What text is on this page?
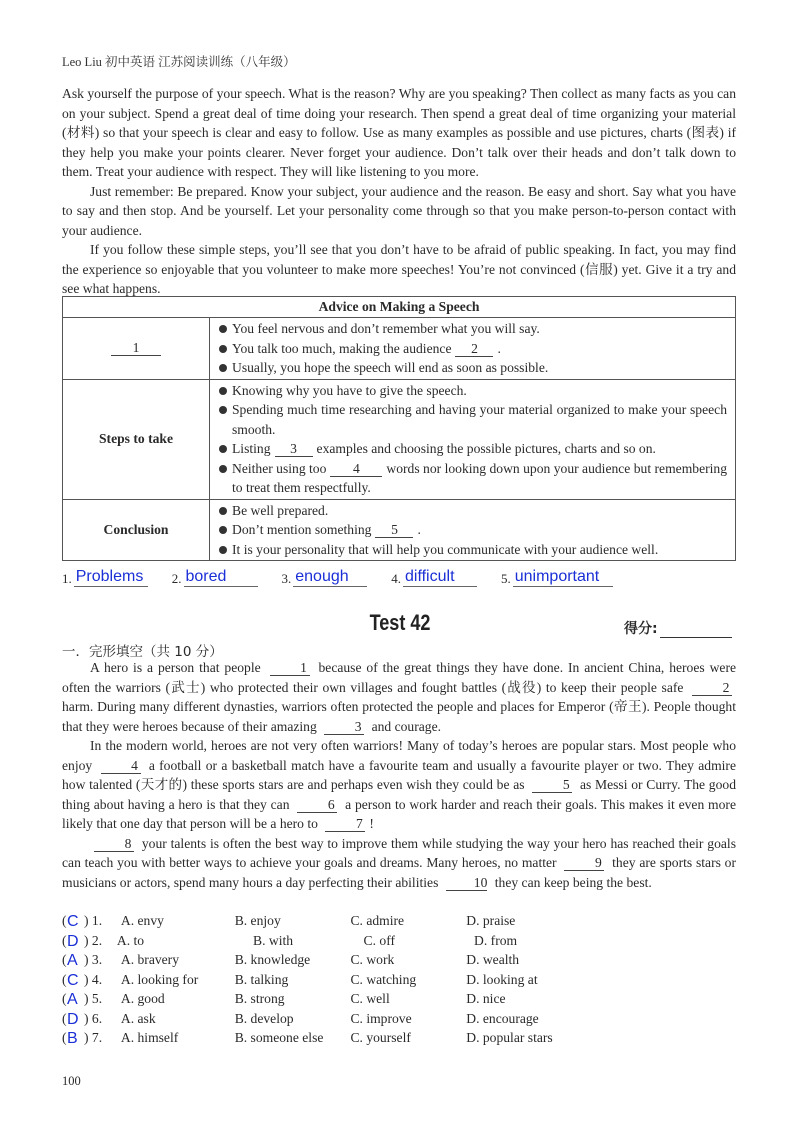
Leo Liu 初中英语 江苏阅读训练（八年级）

Ask yourself the purpose of your speech. What is the reason? Why are you speaking? Then collect as many facts as you can on your subject. Spend a great deal of time doing your research. Then spend a great deal of time organizing your material (材料) so that your speech is clear and easy to follow. Use as many examples as possible and use pictures, charts (图表) if they help you make your points clearer. Never forget your audience. Don’t talk over their heads and don’t talk down to them. Treat your audience with respect. They will like listening to you more.

Just remember: Be prepared. Know your subject, your audience and the reason. Be easy and short. Say what you have to say and then stop. And be yourself. Let your personality come through so that you make person-to-person contact with your audience.

If you follow these simple steps, you’ll see that you don’t have to be afraid of public speaking. In fact, you may find the experience so enjoyable that you volunteer to make more speeches! You’re not convinced (信服) yet. Give it a try and see what happens.

Advice on Making a Speech	
1	You feel nervous and don’t remember what you will say.
You talk too much, making the audience 2 .
Usually, you hope the speech will end as soon as possible.

Steps to take	Knowing why you have to give the speech.
Spending much time researching and having your material organized to make your speech smooth.
Listing 3 examples and choosing the possible pictures, charts and so on.
Neither using too 4 words nor looking down upon your audience but remembering to treat them respectfully.

Conclusion	Be well prepared.
Don’t mention something 5 .
It is your personality that will help you communicate with your audience well.
1. Problems	2. bored	3. enough	4. difficult	5. unimportant
Test 42	得分:
一．完形填空（共 10 分）

A hero is a person that people	1 because of the great things they have done. In ancient China, heroes were often the warriors (武士) who protected their own villages and fought battles (战役) to keep their people safe	2 harm. During many different dynasties, warriors often protected the people and places for Emperor (帝王). People thought that they were heroes because of their amazing	3 and courage.

In the modern world, heroes are not very often warriors! Many of today’s heroes are popular stars. Most people who enjoy	4 a football or a basketball match have a favourite team and usually a favourite player or two. They admire how talented (天才的) these sports stars are and perhaps even wish they could be as	5 as Messi or Curry. The good thing about having a hero is that they can	6 a person to work harder and reach their goals. This makes it even more likely that one day that person will be a hero to	7 !

8 your talents is often the best way to improve them while studying the way your hero has reached their goals can teach you with better ways to achieve your goals and dreams. Many heroes, no matter	9 they are sports stars or musicians or actors, spend many hours a day perfecting their abilities 10 they can keep being the best.

( C ) 1. A. envy	B. enjoy	C. admire	D. praise
( D ) 2. A. to	B. with	C. off	D. from
( A ) 3. A. bravery	B. knowledge	C. work	D. wealth
( C ) 4. A. looking for	B. talking	C. watching	D. looking at
( A ) 5. A. good	B. strong	C. well	D. nice
( D ) 6. A. ask	B. develop	C. improve	D. encourage
( B ) 7. A. himself	B. someone else	C. yourself	D. popular stars
100
